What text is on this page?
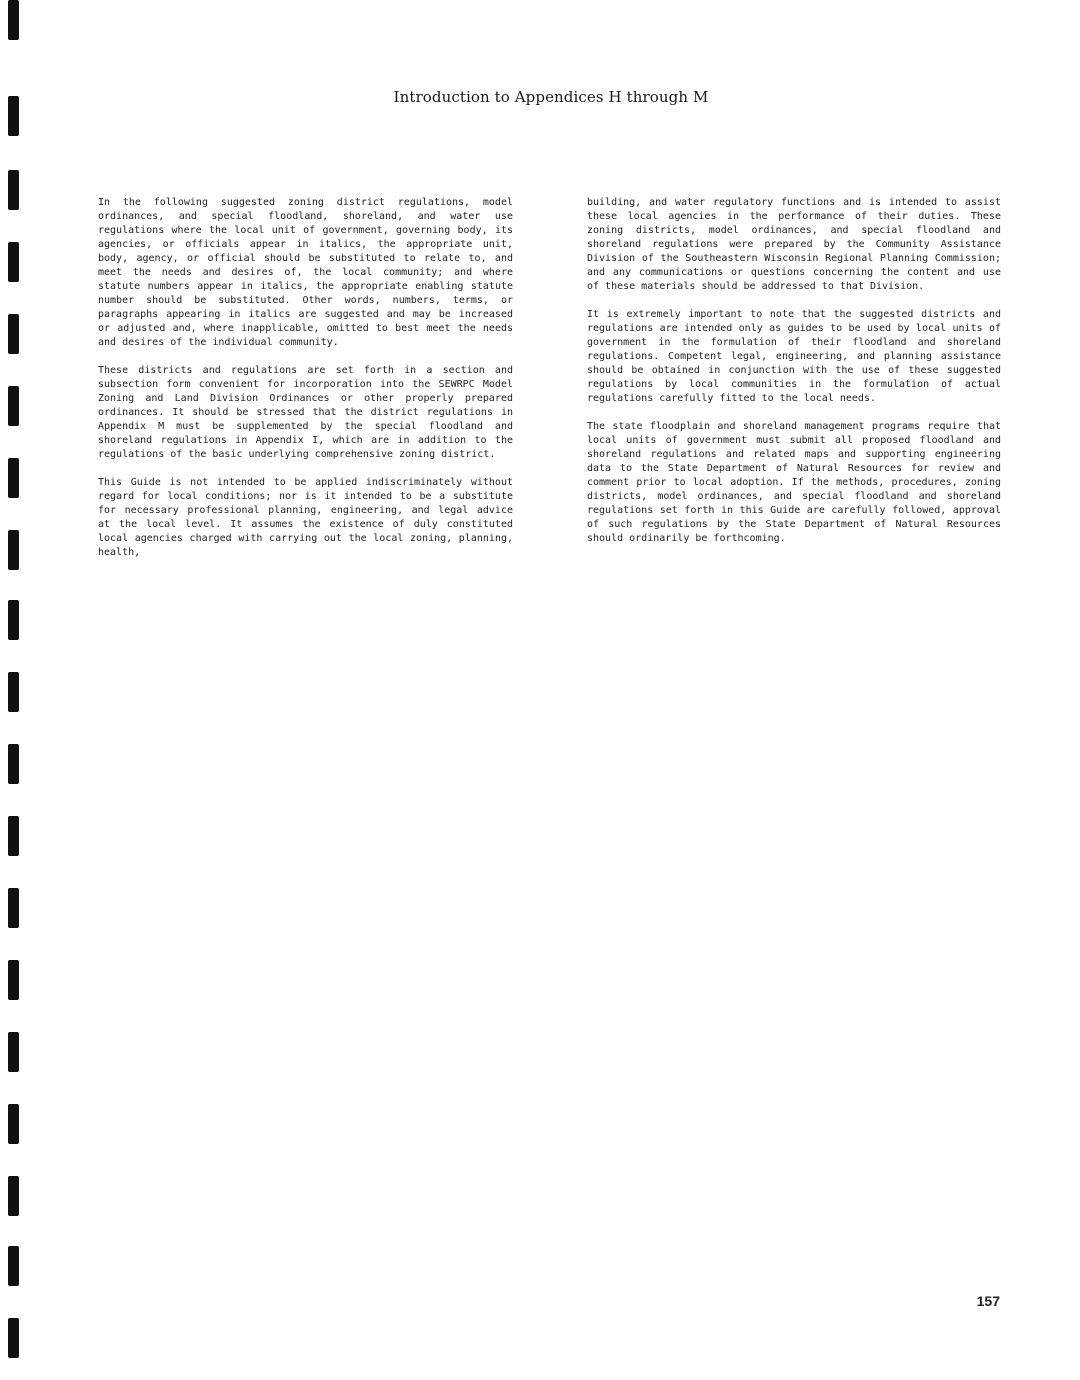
Introduction to Appendices H through M

In the following suggested zoning district regulations, model ordinances, and special floodland, shoreland, and water use regulations where the local unit of government, governing body, its agencies, or officials appear in italics, the appropriate unit, body, agency, or official should be substituted to relate to, and meet the needs and desires of, the local community; and where statute numbers appear in italics, the appropriate enabling statute number should be substituted. Other words, numbers, terms, or paragraphs appearing in italics are suggested and may be increased or adjusted and, where inapplicable, omitted to best meet the needs and desires of the individual community.

These districts and regulations are set forth in a section and subsection form convenient for incorporation into the SEWRPC Model Zoning and Land Division Ordinances or other properly prepared ordinances. It should be stressed that the district regulations in Appendix M must be supplemented by the special floodland and shoreland regulations in Appendix I, which are in addition to the regulations of the basic underlying comprehensive zoning district.

This Guide is not intended to be applied indiscriminately without regard for local conditions; nor is it intended to be a substitute for necessary professional planning, engineering, and legal advice at the local level. It assumes the existence of duly constituted local agencies charged with carrying out the local zoning, planning, health,

building, and water regulatory functions and is intended to assist these local agencies in the performance of their duties. These zoning districts, model ordinances, and special floodland and shoreland regulations were prepared by the Community Assistance Division of the Southeastern Wisconsin Regional Planning Commission; and any communications or questions concerning the content and use of these materials should be addressed to that Division.

It is extremely important to note that the suggested districts and regulations are intended only as guides to be used by local units of government in the formulation of their floodland and shoreland regulations. Competent legal, engineering, and planning assistance should be obtained in conjunction with the use of these suggested regulations by local communities in the formulation of actual regulations carefully fitted to the local needs.

The state floodplain and shoreland management programs require that local units of government must submit all proposed floodland and shoreland regulations and related maps and supporting engineering data to the State Department of Natural Resources for review and comment prior to local adoption. If the methods, procedures, zoning districts, model ordinances, and special floodland and shoreland regulations set forth in this Guide are carefully followed, approval of such regulations by the State Department of Natural Resources should ordinarily be forthcoming.

157
